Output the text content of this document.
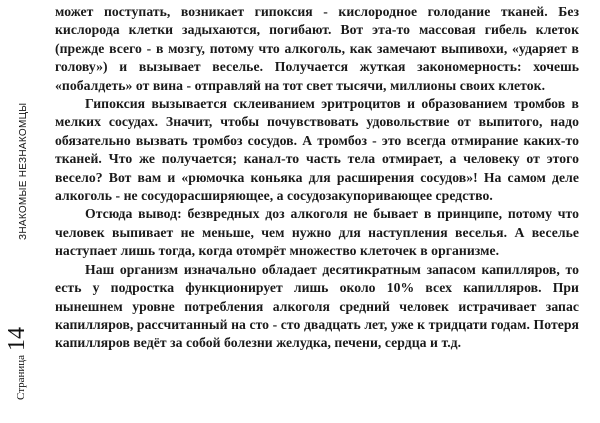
ЗНАКОМЫЕ НЕЗНАКОМЦЫ
Страница
14

может поступать, возникает гипоксия - кислородное голодание тканей. Без кислорода клетки задыхаются, погибают. Вот эта-то массовая гибель клеток (прежде всего - в мозгу, потому что алкоголь, как замечают выпивохи, «ударяет в голову») и вызывает веселье. Получается жуткая закономерность: хочешь «побалдеть» от вина - отправляй на тот свет тысячи, миллионы своих клеток.

Гипоксия вызывается склеиванием эритроцитов и образованием тромбов в мелких сосудах. Значит, чтобы почувствовать удовольствие от выпитого, надо обязательно вызвать тромбоз сосудов. А тромбоз - это всегда отмирание каких-то тканей. Что же получается; канал-то часть тела отмирает, а человеку от этого весело? Вот вам и «рюмочка коньяка для расширения сосудов»! На самом деле алкоголь - не сосудорасширяющее, а сосудозакупоривающее средство.

Отсюда вывод: безвредных доз алкоголя не бывает в принципе, потому что человек выпивает не меньше, чем нужно для наступления веселья. А веселье наступает лишь тогда, когда отомрёт множество клеточек в организме.

Наш организм изначально обладает десятикратным запасом капилляров, то есть у подростка функционирует лишь около 10% всех капилляров. При нынешнем уровне потребления алкоголя средний человек истрачивает запас капилляров, рассчитанный на сто - сто двадцать лет, уже к тридцати годам. Потеря капилляров ведёт за собой болезни желудка, печени, сердца и т.д.
